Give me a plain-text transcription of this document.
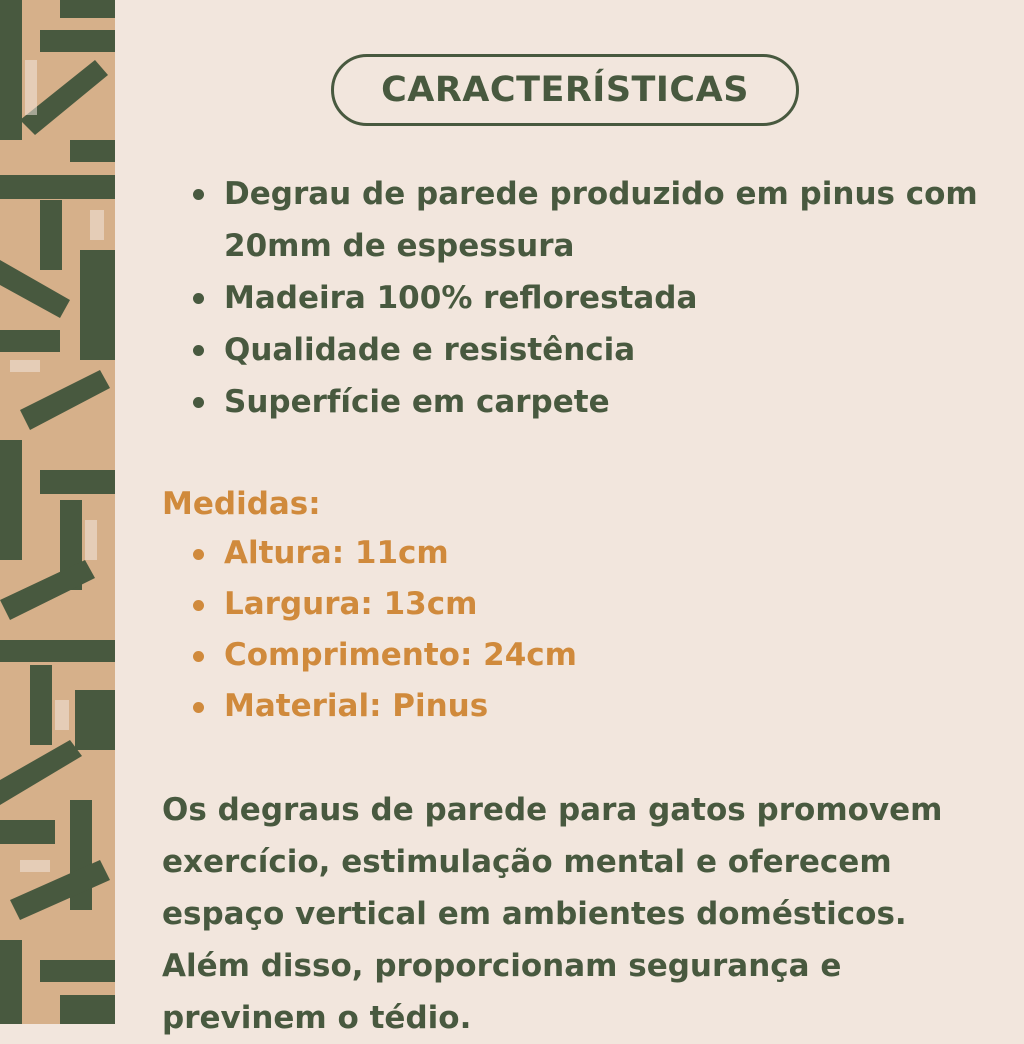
CARACTERÍSTICAS
Degrau de parede produzido em pinus com 20mm de espessura
Madeira 100% reflorestada
Qualidade e resistência
Superfície em carpete
Medidas:
Altura: 11cm
Largura: 13cm
Comprimento: 24cm
Material: Pinus

Os degraus de parede para gatos promovem exercício, estimulação mental e oferecem espaço vertical em ambientes domésticos. Além disso, proporcionam segurança e previnem o tédio.
